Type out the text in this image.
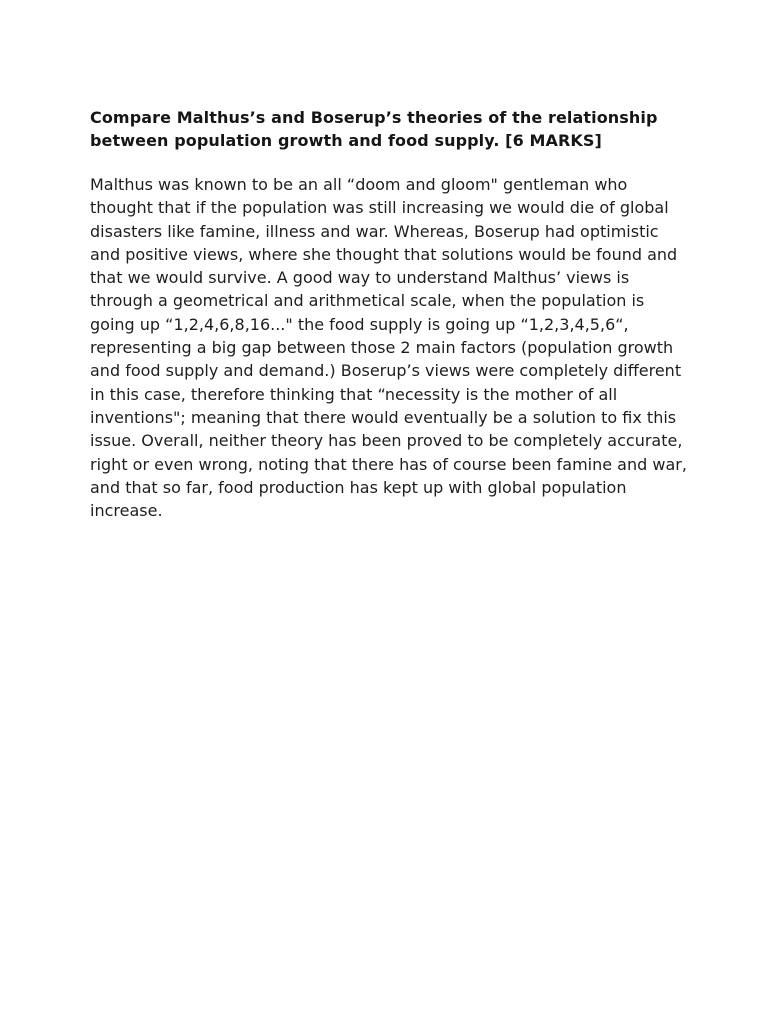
Compare Malthus’s and Boserup’s theories of the relationship between population growth and food supply. [6 MARKS]

Malthus was known to be an all “doom and gloom" gentleman who thought that if the population was still increasing we would die of global disasters like famine, illness and war. Whereas, Boserup had optimistic and positive views, where she thought that solutions would be found and that we would survive. A good way to understand Malthus’ views is through a geometrical and arithmetical scale, when the population is going up “1,2,4,6,8,16..." the food supply is going up “1,2,3,4,5,6“, representing a big gap between those 2 main factors (population growth and food supply and demand.) Boserup’s views were completely different in this case, therefore thinking that “necessity is the mother of all inventions"; meaning that there would eventually be a solution to fix this issue. Overall, neither theory has been proved to be completely accurate, right or even wrong, noting that there has of course been famine and war, and that so far, food production has kept up with global population increase.
